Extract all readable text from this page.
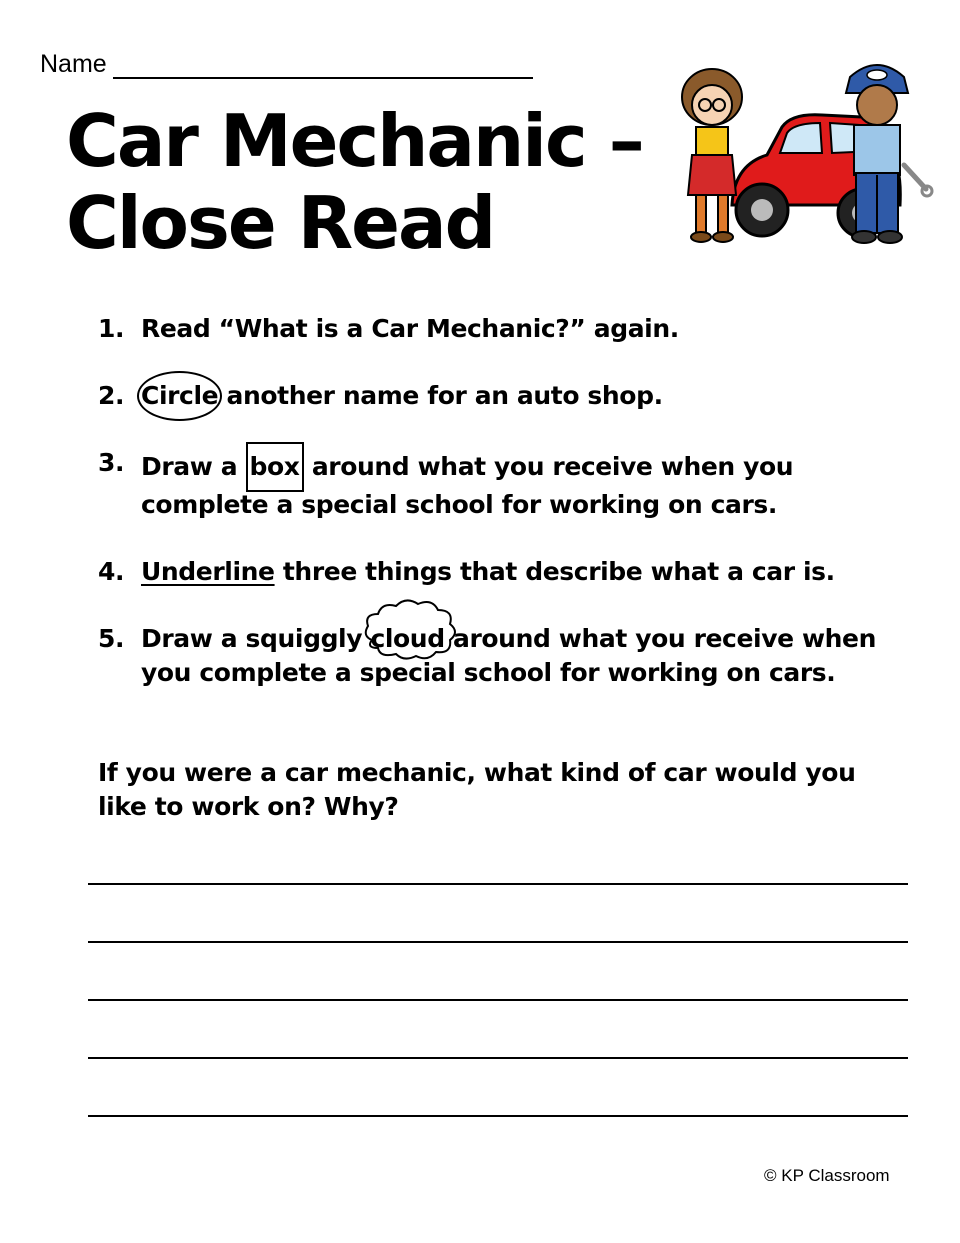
Name
Car Mechanic –
Close Read
1. Read “What is a Car Mechanic?” again.
2. Circle another name for an auto shop.
3. Draw a box around what you receive when you complete a special school for working on cars.
4. Underline three things that describe what a car is.
5. Draw a squiggly
cloud around what you receive when you complete a special school for working on cars.
If you were a car mechanic, what kind of car would you like to work on? Why?
© KP Classroom
